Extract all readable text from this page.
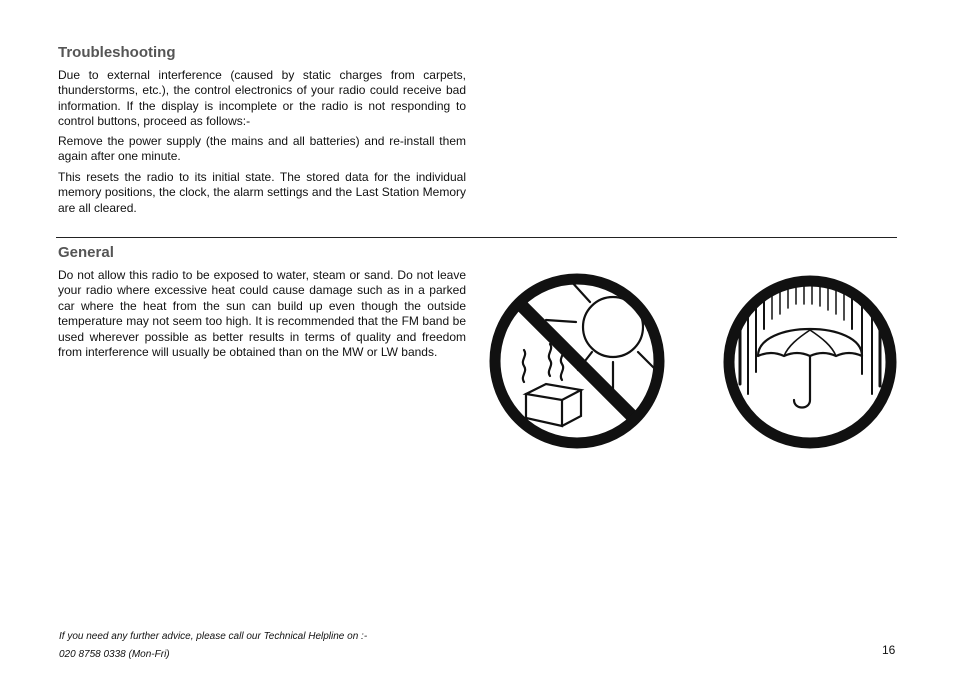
Troubleshooting

Due to external interference (caused by static charges from carpets, thunderstorms, etc.), the control electronics of your radio could receive bad information. If the display is incomplete or the radio is not responding to control buttons, proceed as follows:-

Remove the power supply (the mains and all batteries) and re-install them again after one minute.

This resets the radio to its initial state. The stored data for the individual memory positions, the clock, the alarm settings and the Last Station Memory are all cleared.

General

Do not allow this radio to be exposed to water, steam or sand. Do not leave your radio where excessive heat could cause damage such as in a parked car where the heat from the sun can build up even though the outside temperature may not seem too high. It is recommended that the FM band be used wherever possible as better results in terms of quality and freedom from interference will usually be obtained than on the MW or LW bands.

If you need any further advice, please call our Technical Helpline on :-

020 8758 0338 (Mon-Fri)	16
